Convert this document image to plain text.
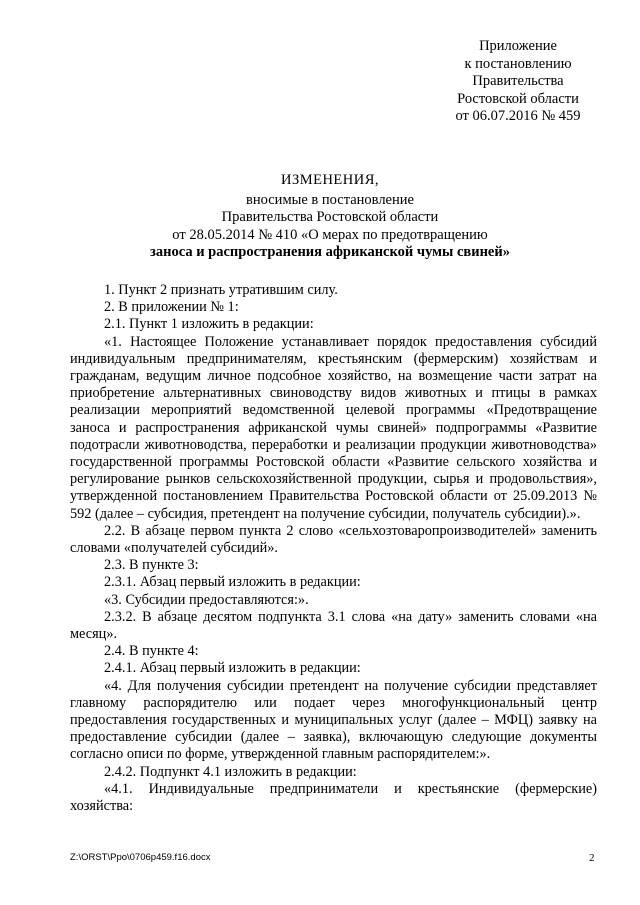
Приложение
к постановлению
Правительства
Ростовской области
от 06.07.2016 № 459
ИЗМЕНЕНИЯ,
вносимые в постановление
Правительства Ростовской области
от 28.05.2014 № 410 «О мерах по предотвращению
заноса и распространения африканской чумы свиней»

1. Пункт 2 признать утратившим силу.

2. В приложении № 1:

2.1. Пункт 1 изложить в редакции:

«1. Настоящее Положение устанавливает порядок предоставления субсидий индивидуальным предпринимателям, крестьянским (фермерским) хозяйствам и гражданам, ведущим личное подсобное хозяйство, на возмещение части затрат на приобретение альтернативных свиноводству видов животных и птицы в рамках реализации мероприятий ведомственной целевой программы «Предотвращение заноса и распространения африканской чумы свиней» подпрограммы «Развитие подотрасли животноводства, переработки и реализации продукции животноводства» государственной программы Ростовской области «Развитие сельского хозяйства и регулирование рынков сельскохозяйственной продукции, сырья и продовольствия», утвержденной постановлением Правительства Ростовской области от 25.09.2013 № 592 (далее – субсидия, претендент на получение субсидии, получатель субсидии).».

2.2. В абзаце первом пункта 2 слово «сельхозтоваропроизводителей» заменить словами «получателей субсидий».

2.3. В пункте 3:

2.3.1. Абзац первый изложить в редакции:

«3. Субсидии предоставляются:».

2.3.2. В абзаце десятом подпункта 3.1 слова «на дату» заменить словами «на месяц».

2.4. В пункте 4:

2.4.1. Абзац первый изложить в редакции:

«4. Для получения субсидии претендент на получение субсидии представляет главному распорядителю или подает через многофункциональный центр предоставления государственных и муниципальных услуг (далее – МФЦ) заявку на предоставление субсидии (далее – заявка), включающую следующие документы согласно описи по форме, утвержденной главным распорядителем:».

2.4.2. Подпункт 4.1 изложить в редакции:

«4.1. Индивидуальные предприниматели и крестьянские (фермерские) хозяйства:

Z:\ORST\Ppo\0706p459.f16.docx	2
